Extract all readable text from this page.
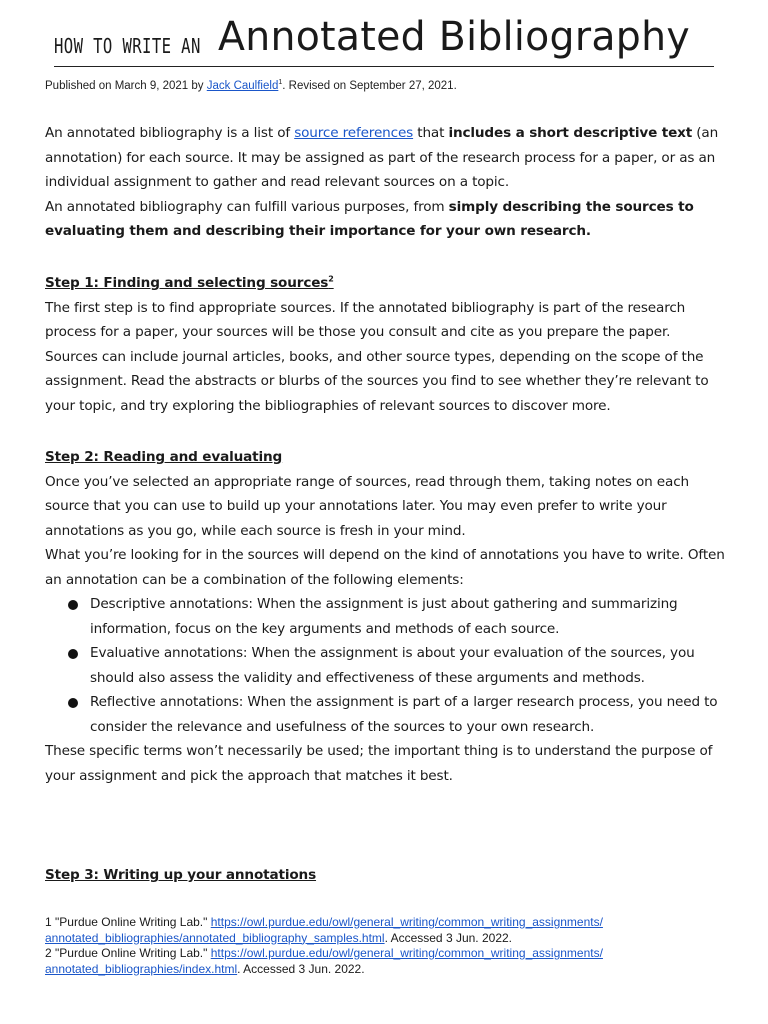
HOW TO WRITE AN Annotated Bibliography
Published on March 9, 2021 by Jack Caulfield$^1$. Revised on September 27, 2021.

An annotated bibliography is a list of source references that includes a short descriptive text (an annotation) for each source. It may be assigned as part of the research process for a paper, or as an individual assignment to gather and read relevant sources on a topic.

An annotated bibliography can fulfill various purposes, from simply describing the sources to evaluating them and describing their importance for your own research.

Step 1: Finding and selecting sources$^2$

The first step is to find appropriate sources. If the annotated bibliography is part of the research process for a paper, your sources will be those you consult and cite as you prepare the paper. Sources can include journal articles, books, and other source types, depending on the scope of the assignment. Read the abstracts or blurbs of the sources you find to see whether they’re relevant to your topic, and try exploring the bibliographies of relevant sources to discover more.

Step 2: Reading and evaluating

Once you’ve selected an appropriate range of sources, read through them, taking notes on each source that you can use to build up your annotations later. You may even prefer to write your annotations as you go, while each source is fresh in your mind.

What you’re looking for in the sources will depend on the kind of annotations you have to write. Often an annotation can be a combination of the following elements:

Descriptive annotations: When the assignment is just about gathering and summarizing information, focus on the key arguments and methods of each source.
Evaluative annotations: When the assignment is about your evaluation of the sources, you should also assess the validity and effectiveness of these arguments and methods.
Reflective annotations: When the assignment is part of a larger research process, you need to consider the relevance and usefulness of the sources to your own research.

These specific terms won’t necessarily be used; the important thing is to understand the purpose of your assignment and pick the approach that matches it best.

Step 3: Writing up your annotations

1 "Purdue Online Writing Lab." https://owl.purdue.edu/owl/general_writing/common_writing_assignments/
annotated_bibliographies/annotated_bibliography_samples.html. Accessed 3 Jun. 2022.
2 "Purdue Online Writing Lab." https://owl.purdue.edu/owl/general_writing/common_writing_assignments/
annotated_bibliographies/index.html. Accessed 3 Jun. 2022.
